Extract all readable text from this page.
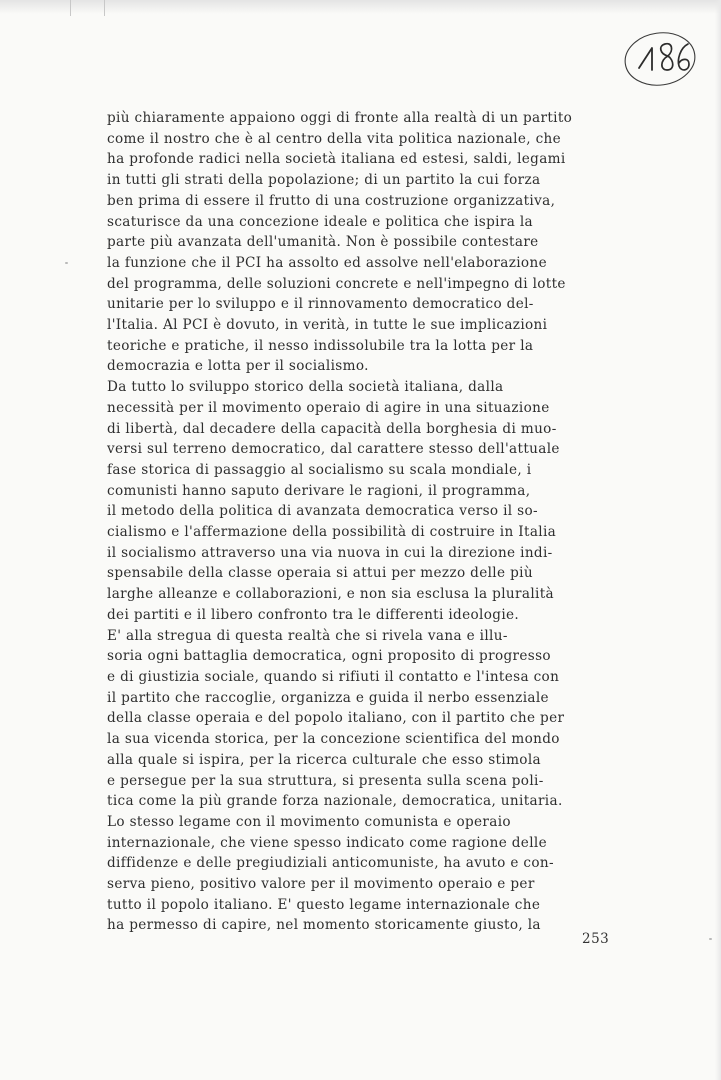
più chiaramente appaiono oggi di fronte alla realtà di un partito
come il nostro che è al centro della vita politica nazionale, che
ha profonde radici nella società italiana ed estesi, saldi, legami
in tutti gli strati della popolazione; di un partito la cui forza
ben prima di essere il frutto di una costruzione organizzativa,
scaturisce da una concezione ideale e politica che ispira la
parte più avanzata dell'umanità. Non è possibile contestare
la funzione che il PCI ha assolto ed assolve nell'elaborazione
del programma, delle soluzioni concrete e nell'impegno di lotte
unitarie per lo sviluppo e il rinnovamento democratico del-
l'Italia. Al PCI è dovuto, in verità, in tutte le sue implicazioni
teoriche e pratiche, il nesso indissolubile tra la lotta per la
democrazia e lotta per il socialismo.

Da tutto lo sviluppo storico della società italiana, dalla
necessità per il movimento operaio di agire in una situazione
di libertà, dal decadere della capacità della borghesia di muo-
versi sul terreno democratico, dal carattere stesso dell'attuale
fase storica di passaggio al socialismo su scala mondiale, i
comunisti hanno saputo derivare le ragioni, il programma,
il metodo della politica di avanzata democratica verso il so-
cialismo e l'affermazione della possibilità di costruire in Italia
il socialismo attraverso una via nuova in cui la direzione indi-
spensabile della classe operaia si attui per mezzo delle più
larghe alleanze e collaborazioni, e non sia esclusa la pluralità
dei partiti e il libero confronto tra le differenti ideologie.

E' alla stregua di questa realtà che si rivela vana e illu-
soria ogni battaglia democratica, ogni proposito di progresso
e di giustizia sociale, quando si rifiuti il contatto e l'intesa con
il partito che raccoglie, organizza e guida il nerbo essenziale
della classe operaia e del popolo italiano, con il partito che per
la sua vicenda storica, per la concezione scientifica del mondo
alla quale si ispira, per la ricerca culturale che esso stimola
e persegue per la sua struttura, si presenta sulla scena poli-
tica come la più grande forza nazionale, democratica, unitaria.

Lo stesso legame con il movimento comunista e operaio
internazionale, che viene spesso indicato come ragione delle
diffidenze e delle pregiudiziali anticomuniste, ha avuto e con-
serva pieno, positivo valore per il movimento operaio e per
tutto il popolo italiano. E' questo legame internazionale che
ha permesso di capire, nel momento storicamente giusto, la

253
